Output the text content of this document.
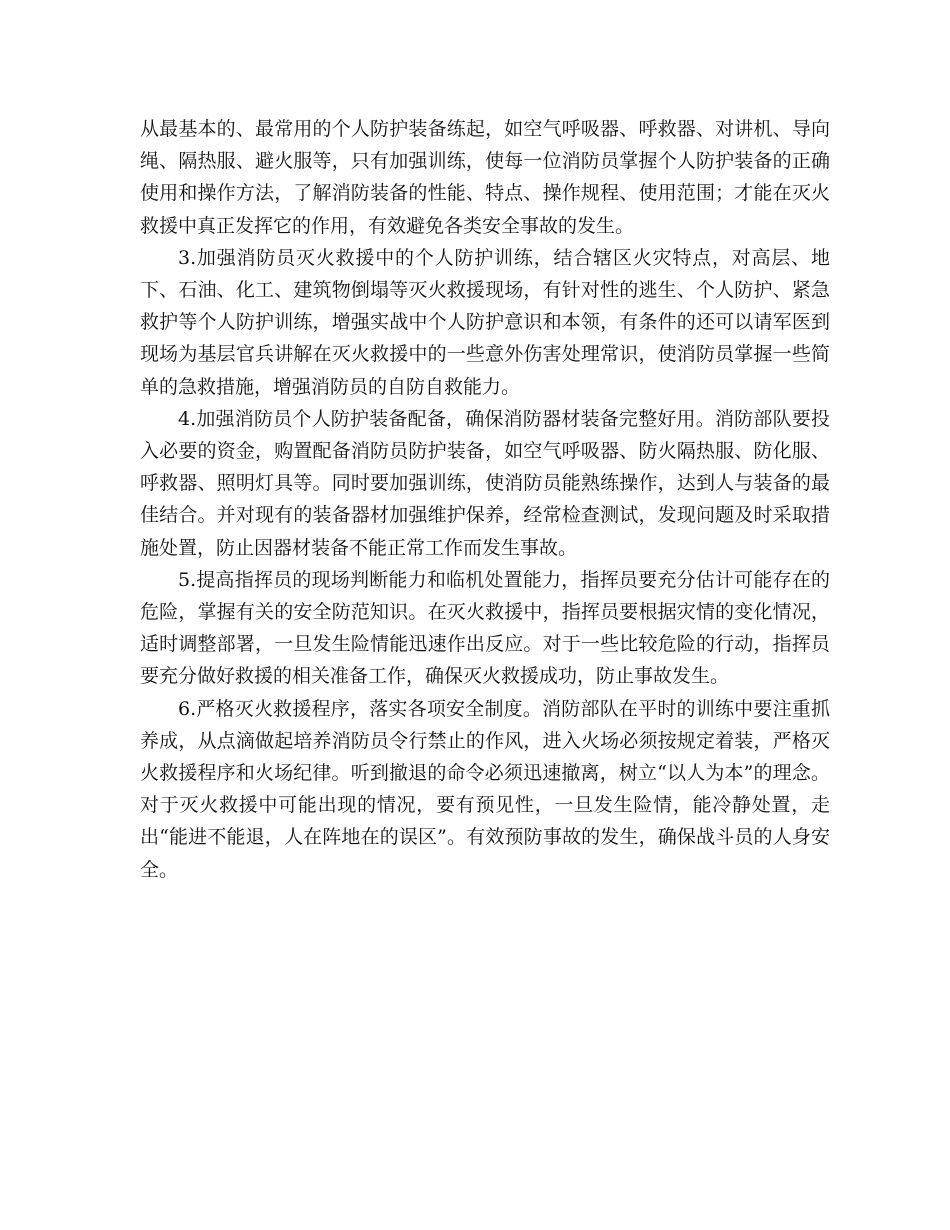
从最基本的、最常用的个人防护装备练起，如空气呼吸器、呼救器、对讲机、导向绳、隔热服、避火服等，只有加强训练，使每一位消防员掌握个人防护装备的正确使用和操作方法，了解消防装备的性能、特点、操作规程、使用范围；才能在灭火救援中真正发挥它的作用，有效避免各类安全事故的发生。

3.加强消防员灭火救援中的个人防护训练，结合辖区火灾特点，对高层、地下、石油、化工、建筑物倒塌等灭火救援现场，有针对性的逃生、个人防护、紧急救护等个人防护训练，增强实战中个人防护意识和本领，有条件的还可以请军医到现场为基层官兵讲解在灭火救援中的一些意外伤害处理常识，使消防员掌握一些简单的急救措施，增强消防员的自防自救能力。

4.加强消防员个人防护装备配备，确保消防器材装备完整好用。消防部队要投入必要的资金，购置配备消防员防护装备，如空气呼吸器、防火隔热服、防化服、呼救器、照明灯具等。同时要加强训练，使消防员能熟练操作，达到人与装备的最佳结合。并对现有的装备器材加强维护保养，经常检查测试，发现问题及时采取措施处置，防止因器材装备不能正常工作而发生事故。

5.提高指挥员的现场判断能力和临机处置能力，指挥员要充分估计可能存在的危险，掌握有关的安全防范知识。在灭火救援中，指挥员要根据灾情的变化情况，适时调整部署，一旦发生险情能迅速作出反应。对于一些比较危险的行动，指挥员要充分做好救援的相关准备工作，确保灭火救援成功，防止事故发生。

6.严格灭火救援程序，落实各项安全制度。消防部队在平时的训练中要注重抓养成，从点滴做起培养消防员令行禁止的作风，进入火场必须按规定着装，严格灭火救援程序和火场纪律。听到撤退的命令必须迅速撤离，树立“以人为本”的理念。对于灭火救援中可能出现的情况，要有预见性，一旦发生险情，能冷静处置，走出“能进不能退，人在阵地在的误区”。有效预防事故的发生，确保战斗员的人身安全。
